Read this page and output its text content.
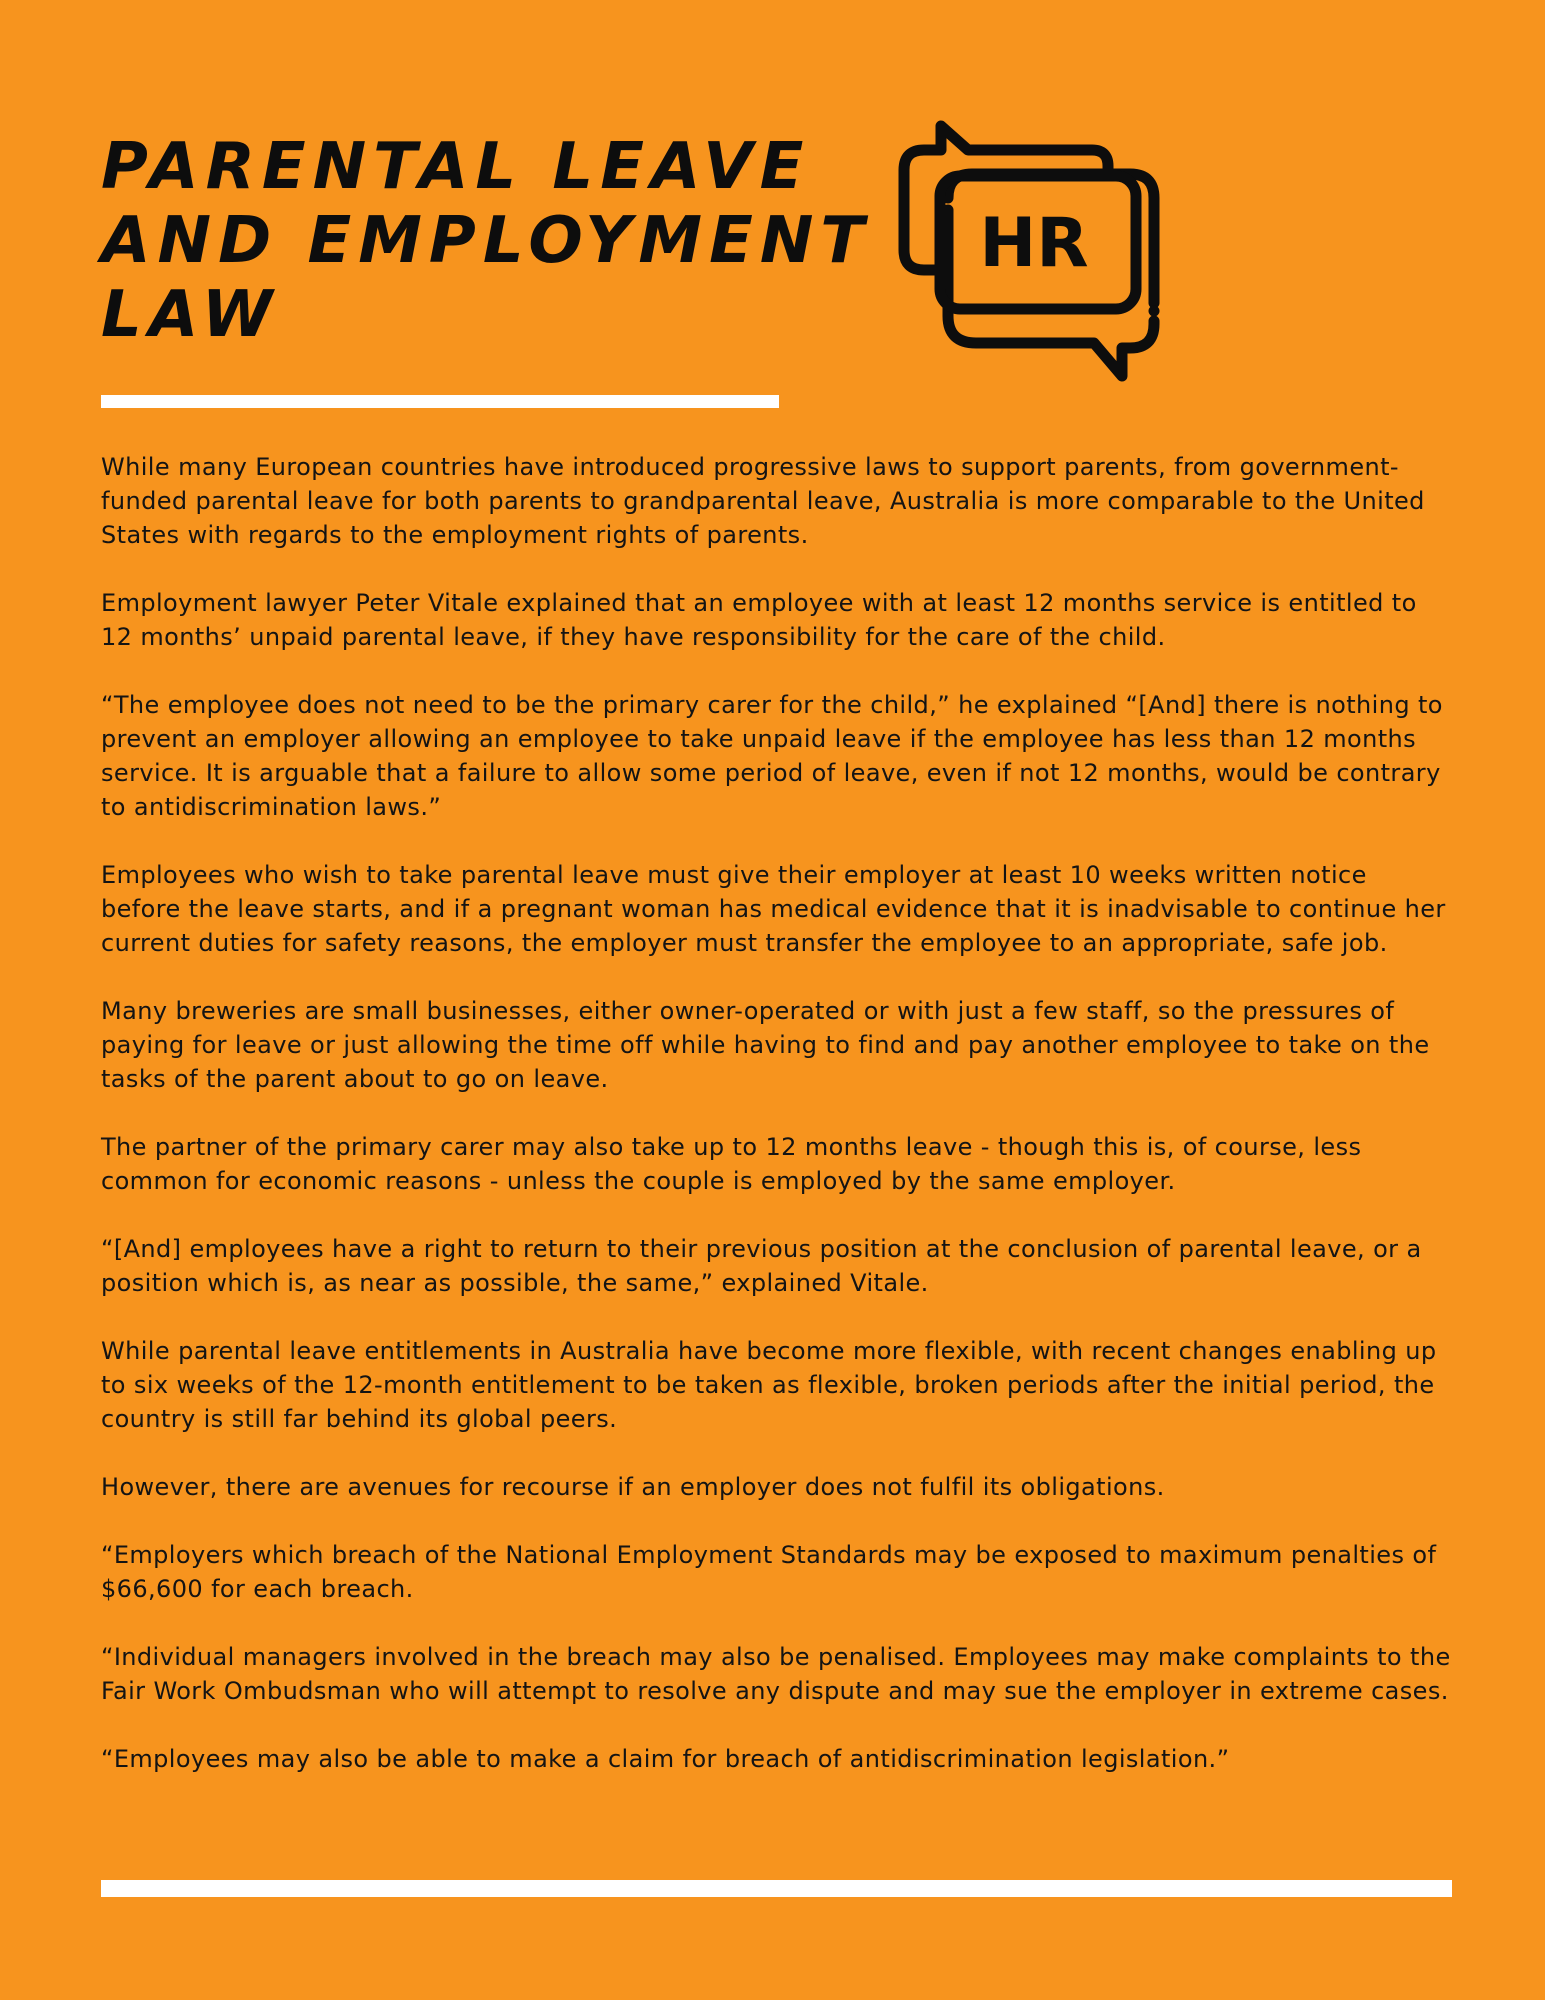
PARENTAL LEAVE
AND EMPLOYMENT
LAW
HR

While many European countries have introduced progressive laws to support parents, from government-funded parental leave for both parents to grandparental leave, Australia is more comparable to the United States with regards to the employment rights of parents.

Employment lawyer Peter Vitale explained that an employee with at least 12 months service is entitled to 12 months’ unpaid parental leave, if they have responsibility for the care of the child.

“The employee does not need to be the primary carer for the child,” he explained “[And] there is nothing to prevent an employer allowing an employee to take unpaid leave if the employee has less than 12 months service. It is arguable that a failure to allow some period of leave, even if not 12 months, would be contrary to antidiscrimination laws.”

Employees who wish to take parental leave must give their employer at least 10 weeks written notice before the leave starts, and if a pregnant woman has medical evidence that it is inadvisable to continue her current duties for safety reasons, the employer must transfer the employee to an appropriate, safe job.

Many breweries are small businesses, either owner-operated or with just a few staff, so the pressures of paying for leave or just allowing the time off while having to find and pay another employee to take on the tasks of the parent about to go on leave.

The partner of the primary carer may also take up to 12 months leave - though this is, of course, less common for economic reasons - unless the couple is employed by the same employer.

“[And] employees have a right to return to their previous position at the conclusion of parental leave, or a position which is, as near as possible, the same,” explained Vitale.

While parental leave entitlements in Australia have become more flexible, with recent changes enabling up to six weeks of the 12-month entitlement to be taken as flexible, broken periods after the initial period, the country is still far behind its global peers.

However, there are avenues for recourse if an employer does not fulfil its obligations.

“Employers which breach of the National Employment Standards may be exposed to maximum penalties of $66,600 for each breach.

“Individual managers involved in the breach may also be penalised. Employees may make complaints to the Fair Work Ombudsman who will attempt to resolve any dispute and may sue the employer in extreme cases.

“Employees may also be able to make a claim for breach of antidiscrimination legislation.”
